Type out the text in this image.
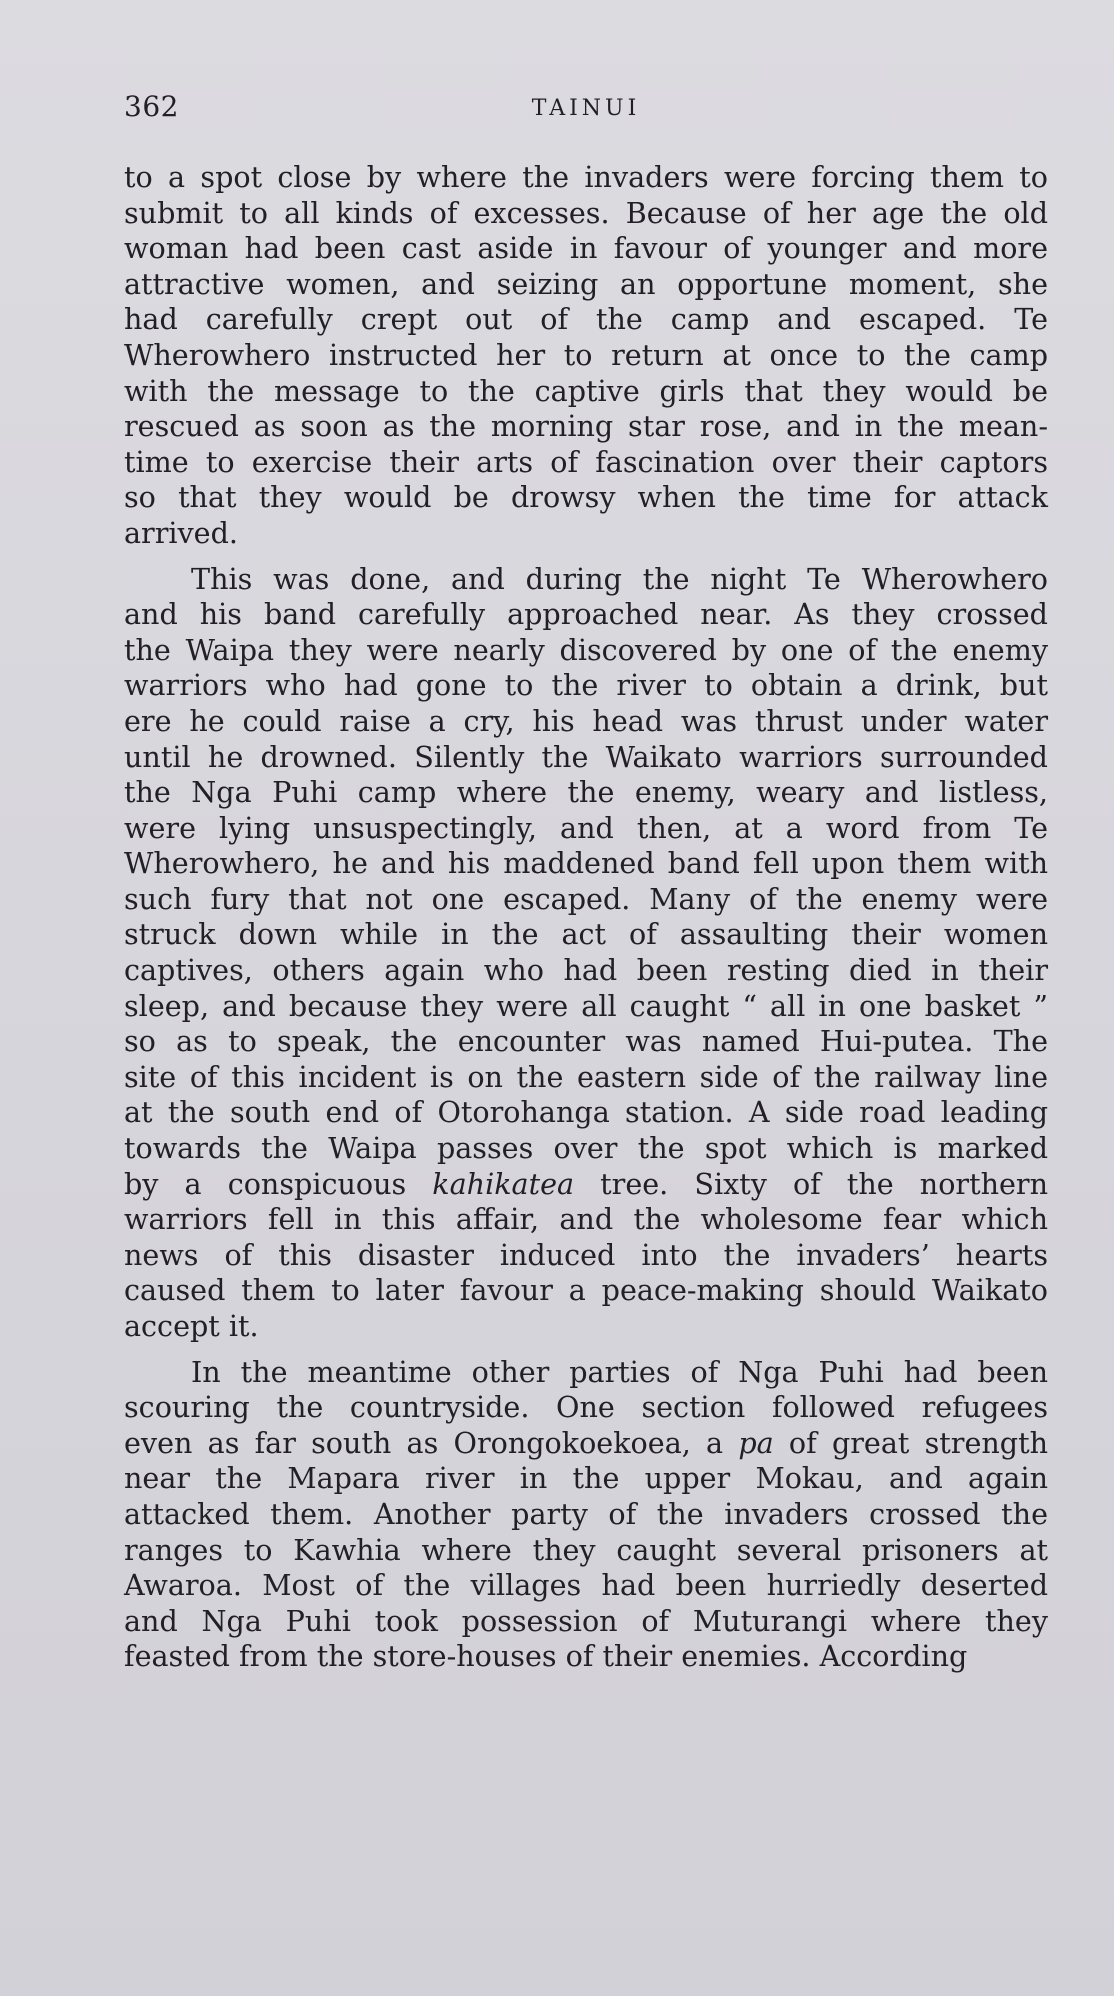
362	TAINUI
to a spot close by where the invaders were forcing them to
submit to all kinds of excesses. Because of her age the old
woman had been cast aside in favour of younger and more
attractive women, and seizing an opportune moment, she
had carefully crept out of the camp and escaped. Te
Wherowhero instructed her to return at once to the camp
with the message to the captive girls that they would be
rescued as soon as the morning star rose, and in the mean-
time to exercise their arts of fascination over their captors
so that they would be drowsy when the time for attack
arrived.
This was done, and during the night Te Wherowhero
and his band carefully approached near. As they crossed
the Waipa they were nearly discovered by one of the enemy
warriors who had gone to the river to obtain a drink, but
ere he could raise a cry, his head was thrust under water
until he drowned. Silently the Waikato warriors surrounded
the Nga Puhi camp where the enemy, weary and listless,
were lying unsuspectingly, and then, at a word from Te
Wherowhero, he and his maddened band fell upon them with
such fury that not one escaped. Many of the enemy were
struck down while in the act of assaulting their women
captives, others again who had been resting died in their
sleep, and because they were all caught “ all in one basket ”
so as to speak, the encounter was named Hui-putea. The
site of this incident is on the eastern side of the railway line
at the south end of Otorohanga station. A side road leading
towards the Waipa passes over the spot which is marked
by a conspicuous kahikatea tree. Sixty of the northern
warriors fell in this affair, and the wholesome fear which
news of this disaster induced into the invaders’ hearts
caused them to later favour a peace-making should Waikato
accept it.
In the meantime other parties of Nga Puhi had been
scouring the countryside. One section followed refugees
even as far south as Orongokoekoea, a pa of great strength
near the Mapara river in the upper Mokau, and again
attacked them. Another party of the invaders crossed the
ranges to Kawhia where they caught several prisoners at
Awaroa. Most of the villages had been hurriedly deserted
and Nga Puhi took possession of Muturangi where they
feasted from the store-houses of their enemies. According
